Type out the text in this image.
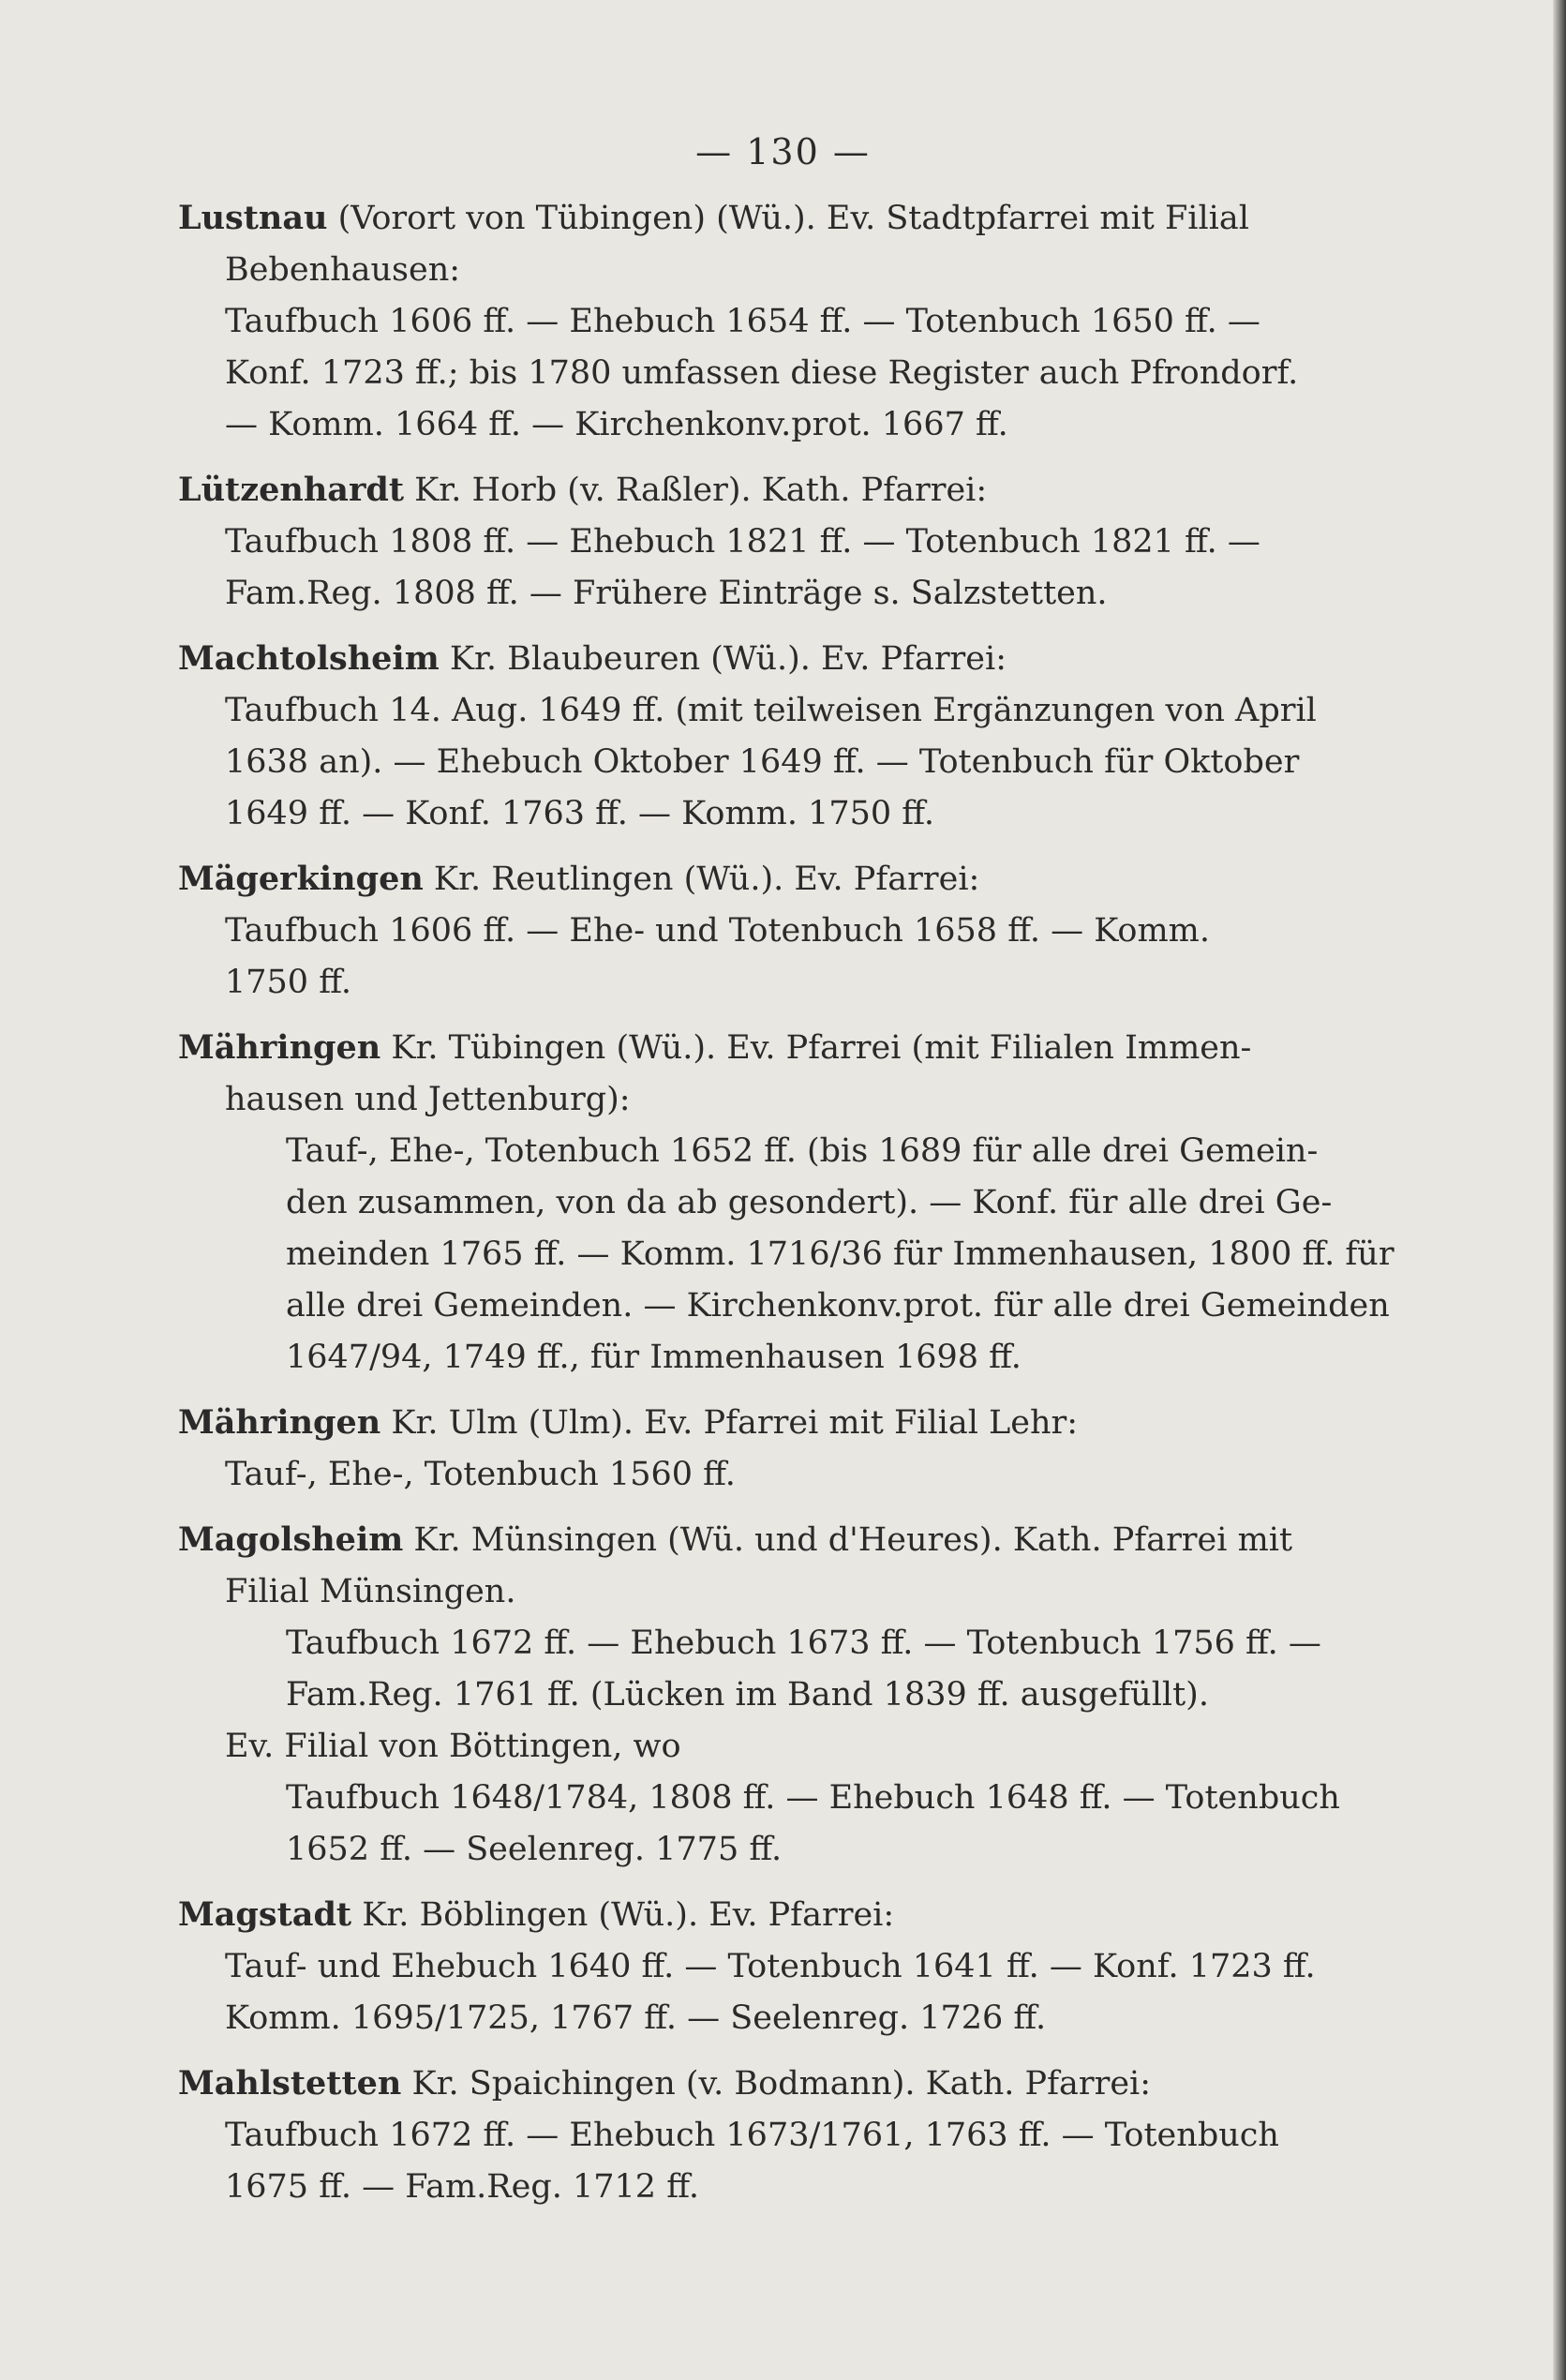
— 130 —
Lustnau (Vorort von Tübingen) (Wü.). Ev. Stadtpfarrei mit Filial
Bebenhausen:
Taufbuch 1606 ff. — Ehebuch 1654 ff. — Totenbuch 1650 ff. —
Konf. 1723 ff.; bis 1780 umfassen diese Register auch Pfrondorf.
— Komm. 1664 ff. — Kirchenkonv.prot. 1667 ff.
Lützenhardt Kr. Horb (v. Raßler). Kath. Pfarrei:
Taufbuch 1808 ff. — Ehebuch 1821 ff. — Totenbuch 1821 ff. —
Fam.Reg. 1808 ff. — Frühere Einträge s. Salzstetten.
Machtolsheim Kr. Blaubeuren (Wü.). Ev. Pfarrei:
Taufbuch 14. Aug. 1649 ff. (mit teilweisen Ergänzungen von April
1638 an). — Ehebuch Oktober 1649 ff. — Totenbuch für Oktober
1649 ff. — Konf. 1763 ff. — Komm. 1750 ff.
Mägerkingen Kr. Reutlingen (Wü.). Ev. Pfarrei:
Taufbuch 1606 ff. — Ehe- und Totenbuch 1658 ff. — Komm.
1750 ff.
Mähringen Kr. Tübingen (Wü.). Ev. Pfarrei (mit Filialen Immen-
hausen und Jettenburg):
Tauf-, Ehe-, Totenbuch 1652 ff. (bis 1689 für alle drei Gemein-
den zusammen, von da ab gesondert). — Konf. für alle drei Ge-
meinden 1765 ff. — Komm. 1716/36 für Immenhausen, 1800 ff. für
alle drei Gemeinden. — Kirchenkonv.prot. für alle drei Gemeinden
1647/94, 1749 ff., für Immenhausen 1698 ff.
Mähringen Kr. Ulm (Ulm). Ev. Pfarrei mit Filial Lehr:
Tauf-, Ehe-, Totenbuch 1560 ff.
Magolsheim Kr. Münsingen (Wü. und d'Heures). Kath. Pfarrei mit
Filial Münsingen.
Taufbuch 1672 ff. — Ehebuch 1673 ff. — Totenbuch 1756 ff. —
Fam.Reg. 1761 ff. (Lücken im Band 1839 ff. ausgefüllt).
Ev. Filial von Böttingen, wo
Taufbuch 1648/1784, 1808 ff. — Ehebuch 1648 ff. — Totenbuch
1652 ff. — Seelenreg. 1775 ff.
Magstadt Kr. Böblingen (Wü.). Ev. Pfarrei:
Tauf- und Ehebuch 1640 ff. — Totenbuch 1641 ff. — Konf. 1723 ff.
Komm. 1695/1725, 1767 ff. — Seelenreg. 1726 ff.
Mahlstetten Kr. Spaichingen (v. Bodmann). Kath. Pfarrei:
Taufbuch 1672 ff. — Ehebuch 1673/1761, 1763 ff. — Totenbuch
1675 ff. — Fam.Reg. 1712 ff.
